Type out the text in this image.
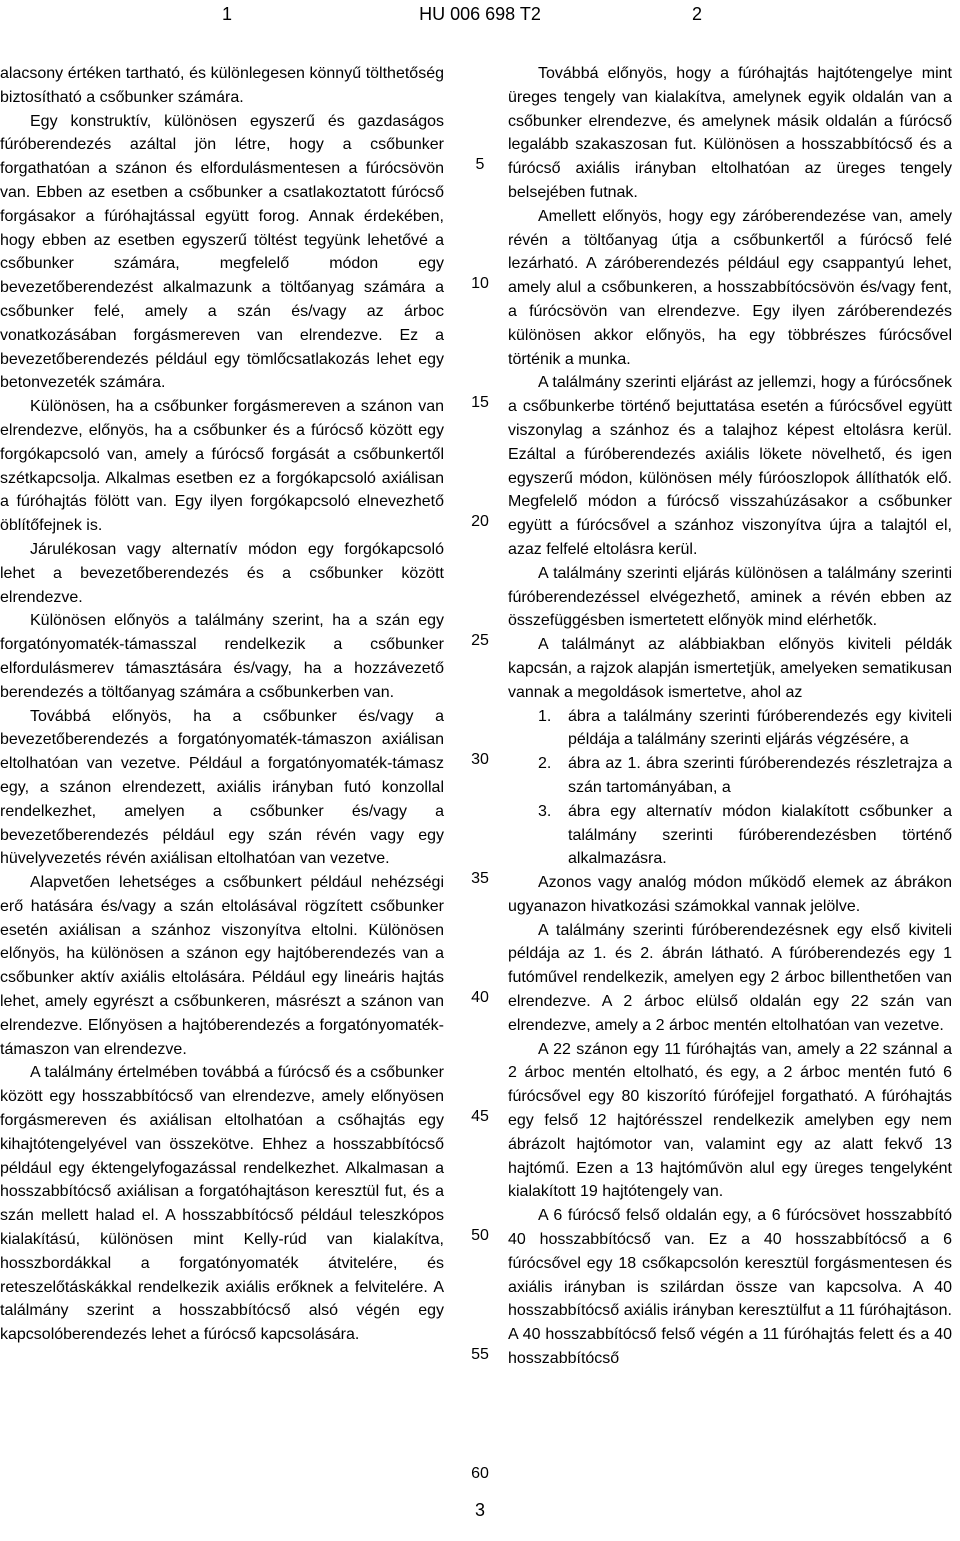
1	HU 006 698 T2	2

alacsony értéken tartható, és különlegesen könnyű tölthetőség biztosítható a csőbunker számára.

Egy konstruktív, különösen egyszerű és gazdaságos fúróberendezés azáltal jön létre, hogy a csőbunker forgathatóan a szánon és elfordulásmentesen a fúrócsövön van. Ebben az esetben a csőbunker a csatlakoztatott fúrócső forgásakor a fúróhajtással együtt forog. Annak érdekében, hogy ebben az esetben egyszerű töltést tegyünk lehetővé a csőbunker számára, megfelelő módon egy bevezetőberendezést alkalmazunk a töltőanyag számára a csőbunker felé, amely a szán és/vagy az árboc vonatkozásában forgásmereven van elrendezve. Ez a bevezetőberendezés például egy tömlőcsatlakozás lehet egy betonvezeték számára.

Különösen, ha a csőbunker forgásmereven a szánon van elrendezve, előnyös, ha a csőbunker és a fúrócső között egy forgókapcsoló van, amely a fúrócső forgását a csőbunkertől szétkapcsolja. Alkalmas esetben ez a forgókapcsoló axiálisan a fúróhajtás fölött van. Egy ilyen forgókapcsoló elnevezhető öblítőfejnek is.

Járulékosan vagy alternatív módon egy forgókapcsoló lehet a bevezetőberendezés és a csőbunker között elrendezve.

Különösen előnyös a találmány szerint, ha a szán egy forgatónyomaték-támasszal rendelkezik a csőbunker elfordulásmerev támasztására és/vagy, ha a hozzávezető berendezés a töltőanyag számára a csőbunkerben van.

Továbbá előnyös, ha a csőbunker és/vagy a bevezetőberendezés a forgatónyomaték-támaszon axiálisan eltolhatóan van vezetve. Például a forgatónyomaték-támasz egy, a szánon elrendezett, axiális irányban futó konzollal rendelkezhet, amelyen a csőbunker és/vagy a bevezetőberendezés például egy szán révén vagy egy hüvelyvezetés révén axiálisan eltolhatóan van vezetve.

Alapvetően lehetséges a csőbunkert például nehézségi erő hatására és/vagy a szán eltolásával rögzített csőbunker esetén axiálisan a szánhoz viszonyítva eltolni. Különösen előnyös, ha különösen a szánon egy hajtóberendezés van a csőbunker aktív axiális eltolására. Például egy lineáris hajtás lehet, amely egyrészt a csőbunkeren, másrészt a szánon van elrendezve. Előnyösen a hajtóberendezés a forgatónyomaték-támaszon van elrendezve.

A találmány értelmében továbbá a fúrócső és a csőbunker között egy hosszabbítócső van elrendezve, amely előnyösen forgásmereven és axiálisan eltolhatóan a csőhajtás egy kihajtótengelyével van összekötve. Ehhez a hosszabbítócső például egy éktengelyfogazással rendelkezhet. Alkalmasan a hosszabbítócső axiálisan a forgatóhajtáson keresztül fut, és a szán mellett halad el. A hosszabbítócső például teleszkópos kialakítású, különösen mint Kelly-rúd van kialakítva, hosszbordákkal a forgatónyomaték átvitelére, és reteszelőtáskákkal rendelkezik axiális erőknek a felvitelére. A találmány szerint a hosszabbítócső alsó végén egy kapcsolóberendezés lehet a fúrócső kapcsolására.

Továbbá előnyös, hogy a fúróhajtás hajtótengelye mint üreges tengely van kialakítva, amelynek egyik oldalán van a csőbunker elrendezve, és amelynek másik oldalán a fúrócső legalább szakaszosan fut. Különösen a hosszabbítócső és a fúrócső axiális irányban eltolhatóan az üreges tengely belsejében futnak.

Amellett előnyös, hogy egy záróberendezése van, amely révén a töltőanyag útja a csőbunkertől a fúrócső felé lezárható. A záróberendezés például egy csappantyú lehet, amely alul a csőbunkeren, a hosszabbítócsövön és/vagy fent, a fúrócsövön van elrendezve. Egy ilyen záróberendezés különösen akkor előnyös, ha egy többrészes fúrócsővel történik a munka.

A találmány szerinti eljárást az jellemzi, hogy a fúrócsőnek a csőbunkerbe történő bejuttatása esetén a fúrócsővel együtt viszonylag a szánhoz és a talajhoz képest eltolásra kerül. Ezáltal a fúróberendezés axiális lökete növelhető, és igen egyszerű módon, különösen mély fúróoszlopok állíthatók elő. Megfelelő módon a fúrócső visszahúzásakor a csőbunker együtt a fúrócsővel a szánhoz viszonyítva újra a talajtól el, azaz felfelé eltolásra kerül.

A találmány szerinti eljárás különösen a találmány szerinti fúróberendezéssel elvégezhető, aminek a révén ebben az összefüggésben ismertetett előnyök mind elérhetők.

A találmányt az alábbiakban előnyös kiviteli példák kapcsán, a rajzok alapján ismertetjük, amelyeken sematikusan vannak a megoldások ismertetve, ahol az

1.	ábra a találmány szerinti fúróberendezés egy kiviteli példája a találmány szerinti eljárás végzésére, a

2.	ábra az 1. ábra szerinti fúróberendezés részletrajza a szán tartományában, a

3.	ábra egy alternatív módon kialakított csőbunker a találmány szerinti fúróberendezésben történő alkalmazásra.

Azonos vagy analóg módon működő elemek az ábrákon ugyanazon hivatkozási számokkal vannak jelölve.

A találmány szerinti fúróberendezésnek egy első kiviteli példája az 1. és 2. ábrán látható. A fúróberendezés egy 1 futóművel rendelkezik, amelyen egy 2 árboc billenthetően van elrendezve. A 2 árboc elülső oldalán egy 22 szán van elrendezve, amely a 2 árboc mentén eltolhatóan van vezetve.

A 22 szánon egy 11 fúróhajtás van, amely a 22 szánnal a 2 árboc mentén eltolható, és egy, a 2 árboc mentén futó 6 fúrócsővel egy 80 kiszorító fúrófejjel forgatható. A fúróhajtás egy felső 12 hajtórésszel rendelkezik amelyben egy nem ábrázolt hajtómotor van, valamint egy az alatt fekvő 13 hajtómű. Ezen a 13 hajtóművön alul egy üreges tengelyként kialakított 19 hajtótengely van.

A 6 fúrócső felső oldalán egy, a 6 fúrócsövet hosszabbító 40 hosszabbítócső van. Ez a 40 hosszabbítócső a 6 fúrócsővel egy 18 csőkapcsolón keresztül forgásmentesen és axiális irányban is szilárdan össze van kapcsolva. A 40 hosszabbítócső axiális irányban keresztülfut a 11 fúróhajtáson. A 40 hosszabbítócső felső végén a 11 fúróhajtás felett és a 40 hosszabbítócső

5
10
15
20
25
30
35
40
45
50
55
60
3
